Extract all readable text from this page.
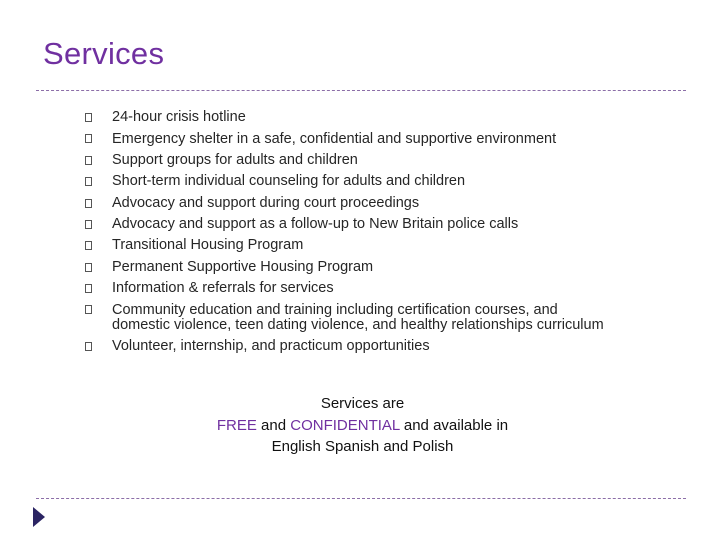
Services
24-hour crisis hotline
Emergency shelter in a safe, confidential and supportive environment
Support groups for adults and children
Short-term individual counseling for adults and children
Advocacy and support during court proceedings
Advocacy and support as a follow-up to New Britain police calls
Transitional Housing Program
Permanent Supportive Housing Program
Information & referrals for services
Community education and training including certification courses, and domestic violence, teen dating violence, and healthy relationships curriculum
Volunteer, internship, and practicum opportunities
Services are
FREE and CONFIDENTIAL and available in
English Spanish and Polish
